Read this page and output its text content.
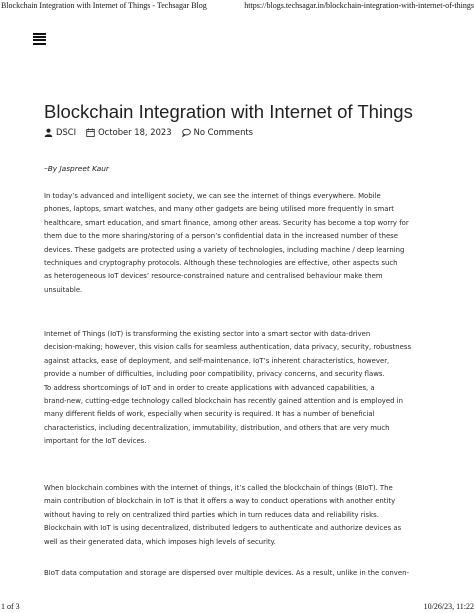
Blockchain Integration with Internet of Things - Techsagar Blog	https://blogs.techsagar.in/blockchain-integration-with-internet-of-things
Blockchain Integration with Internet of Things
DSCI	October 18, 2023	No Comments
–By Jaspreet Kaur

In today’s advanced and intelligent society, we can see the internet of things everywhere. Mobile
phones, laptops, smart watches, and many other gadgets are being utilised more frequently in smart
healthcare, smart education, and smart finance, among other areas. Security has become a top worry for
them due to the more sharing/storing of a person’s confidential data in the increased number of these
devices. These gadgets are protected using a variety of technologies, including machine / deep learning
techniques and cryptography protocols. Although these technologies are effective, other aspects such
as heterogeneous IoT devices’ resource-constrained nature and centralised behaviour make them
unsuitable.

Internet of Things (IoT) is transforming the existing sector into a smart sector with data-driven
decision-making; however, this vision calls for seamless authentication, data privacy, security, robustness
against attacks, ease of deployment, and self-maintenance. IoT’s inherent characteristics, however,
provide a number of difficulties, including poor compatibility, privacy concerns, and security flaws.
To address shortcomings of IoT and in order to create applications with advanced capabilities, a
brand-new, cutting-edge technology called blockchain has recently gained attention and is employed in
many different fields of work, especially when security is required. It has a number of beneficial
characteristics, including decentralization, immutability, distribution, and others that are very much
important for the IoT devices.

When blockchain combines with the internet of things, it’s called the blockchain of things (BIoT). The
main contribution of blockchain in IoT is that it offers a way to conduct operations with another entity
without having to rely on centralized third parties which in turn reduces data and reliability risks.
Blockchain with IoT is using decentralized, distributed ledgers to authenticate and authorize devices as
well as their generated data, which imposes high levels of security.

BIoT data computation and storage are dispersed over multiple devices. As a result, unlike in the conven-

1 of 3	10/26/23, 11:22
